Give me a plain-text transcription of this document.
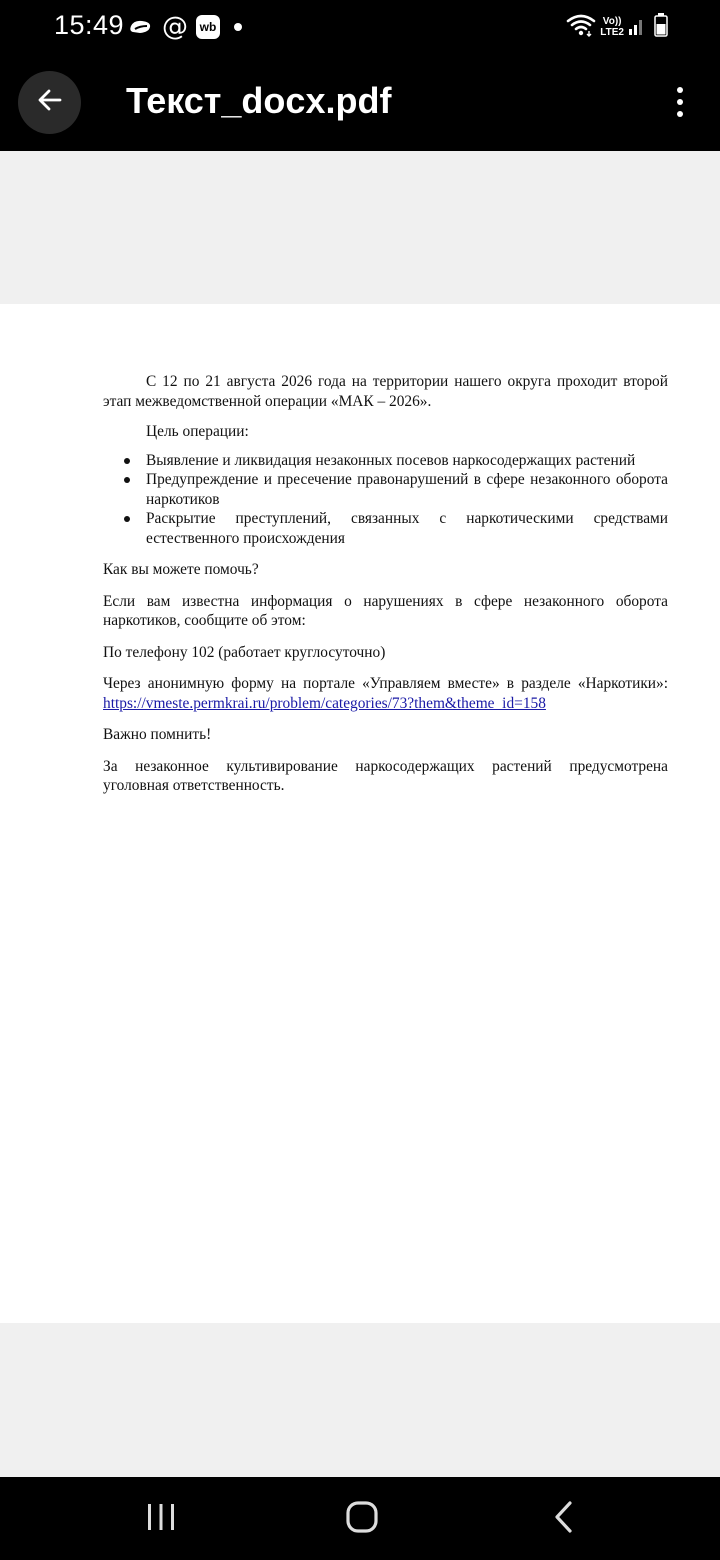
15:49 @ wb	Vo))
LTE2
Текст_docx.pdf

С 12 по 21 августа 2026 года на территории нашего округа проходит второй этап межведомственной операции «МАК – 2026».

Цель операции:

Выявление и ликвидация незаконных посевов наркосодержащих растений
Предупреждение и пресечение правонарушений в сфере незаконного оборота наркотиков
Раскрытие преступлений, связанных с наркотическими средствами естественного происхождения

Как вы можете помочь?

Если вам известна информация о нарушениях в сфере незаконного оборота наркотиков, сообщите об этом:

По телефону 102 (работает круглосуточно)

Через анонимную форму на портале «Управляем вместе» в разделе «Наркотики»: https://vmeste.permkrai.ru/problem/categories/73?them&theme_id=158

Важно помнить!

За незаконное культивирование наркосодержащих растений предусмотрена уголовная ответственность.
